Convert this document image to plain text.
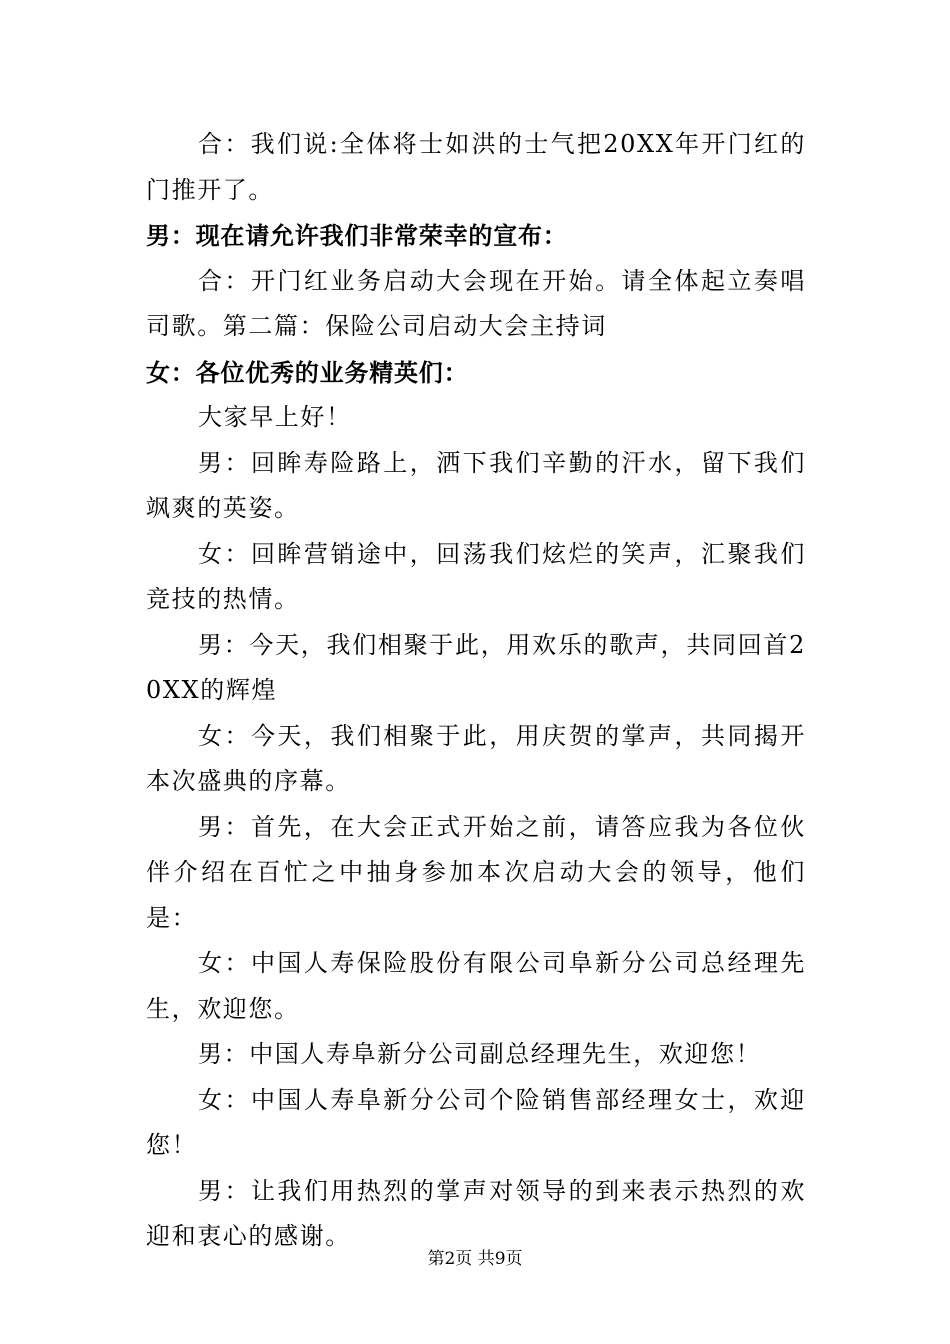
合：我们说:全体将士如洪的士气把20XX年开门红的门推开了。

男：现在请允许我们非常荣幸的宣布：

合：开门红业务启动大会现在开始。请全体起立奏唱司歌。第二篇：保险公司启动大会主持词

女：各位优秀的业务精英们：

大家早上好！

男：回眸寿险路上，洒下我们辛勤的汗水，留下我们飒爽的英姿。

女：回眸营销途中，回荡我们炫烂的笑声，汇聚我们竞技的热情。

男：今天，我们相聚于此，用欢乐的歌声，共同回首20XX的辉煌

女：今天，我们相聚于此，用庆贺的掌声，共同揭开本次盛典的序幕。

男：首先，在大会正式开始之前，请答应我为各位伙伴介绍在百忙之中抽身参加本次启动大会的领导，他们是：

女：中国人寿保险股份有限公司阜新分公司总经理先生，欢迎您。

男：中国人寿阜新分公司副总经理先生，欢迎您！

女：中国人寿阜新分公司个险销售部经理女士，欢迎您！

男：让我们用热烈的掌声对领导的到来表示热烈的欢迎和衷心的感谢。

第2页 共9页
